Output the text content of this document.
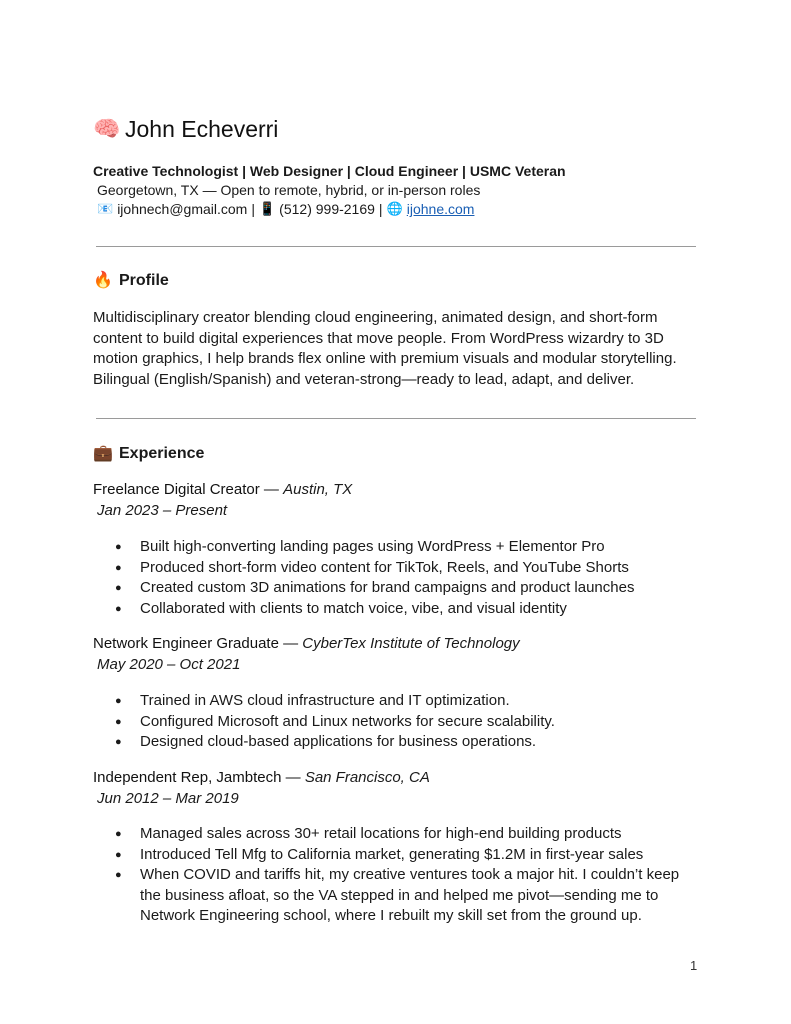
🧠 John Echeverri
Creative Technologist | Web Designer | Cloud Engineer | USMC Veteran
Georgetown, TX — Open to remote, hybrid, or in-person roles
📧 ijohnech@gmail.com | 📱 (512) 999-2169 | 🌐 ijohne.com
🔥 Profile

Multidisciplinary creator blending cloud engineering, animated design, and short-form content to build digital experiences that move people. From WordPress wizardry to 3D motion graphics, I help brands flex online with premium visuals and modular storytelling. Bilingual (English/Spanish) and veteran-strong—ready to lead, adapt, and deliver.

💼 Experience
Freelance Digital Creator — Austin, TX
Jan 2023 – Present
● Built high-converting landing pages using WordPress + Elementor Pro
● Produced short-form video content for TikTok, Reels, and YouTube Shorts
● Created custom 3D animations for brand campaigns and product launches
● Collaborated with clients to match voice, vibe, and visual identity
Network Engineer Graduate — CyberTex Institute of Technology
May 2020 – Oct 2021
● Trained in AWS cloud infrastructure and IT optimization.
● Configured Microsoft and Linux networks for secure scalability.
● Designed cloud-based applications for business operations.
Independent Rep, Jambtech — San Francisco, CA
Jun 2012 – Mar 2019
● Managed sales across 30+ retail locations for high-end building products
● Introduced Tell Mfg to California market, generating $1.2M in first-year sales
● When COVID and tariffs hit, my creative ventures took a major hit. I couldn’t keep the business afloat, so the VA stepped in and helped me pivot—sending me to Network Engineering school, where I rebuilt my skill set from the ground up.
1
